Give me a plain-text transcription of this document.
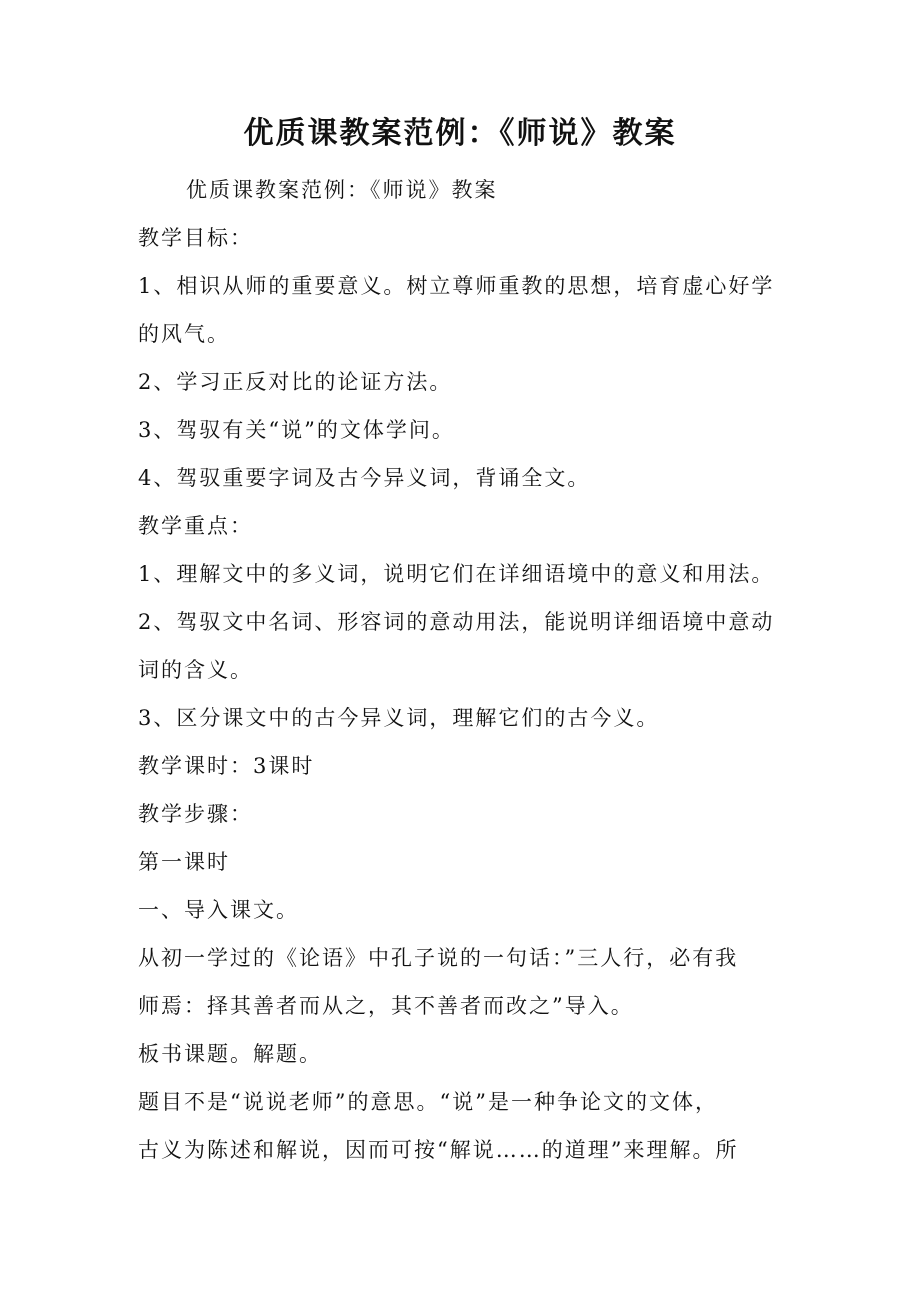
优质课教案范例：《师说》教案
优质课教案范例：《师说》教案
教学目标：
1、相识从师的重要意义。树立尊师重教的思想，培育虚心好学
的风气。
2、学习正反对比的论证方法。
3、驾驭有关“说”的文体学问。
4、驾驭重要字词及古今异义词，背诵全文。
教学重点：
1、理解文中的多义词，说明它们在详细语境中的意义和用法。
2、驾驭文中名词、形容词的意动用法，能说明详细语境中意动
词的含义。
3、区分课文中的古今异义词，理解它们的古今义。
教学课时：3课时
教学步骤：
第一课时
一、导入课文。
从初一学过的《论语》中孔子说的一句话：”三人行，必有我
师焉：择其善者而从之，其不善者而改之”导入。
板书课题。解题。
题目不是“说说老师”的意思。“说”是一种争论文的文体，
古义为陈述和解说，因而可按“解说……的道理”来理解。所
